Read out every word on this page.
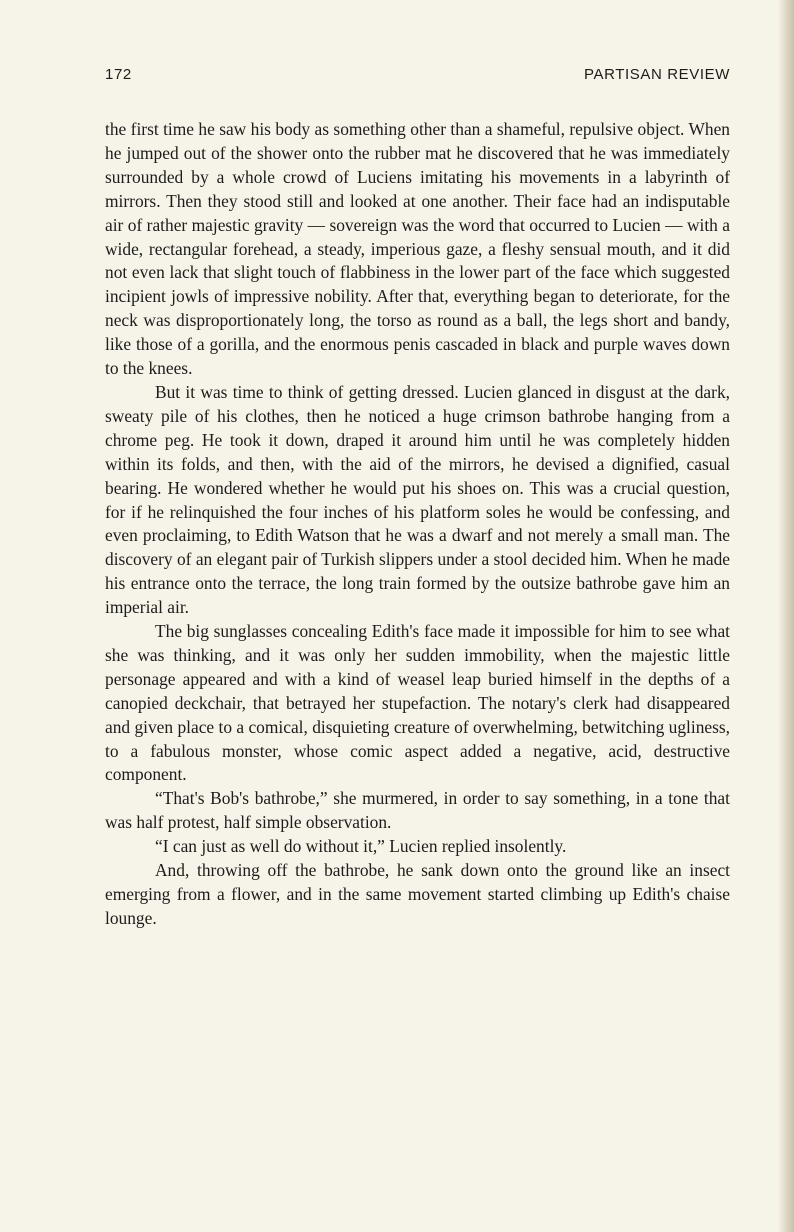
172	PARTISAN REVIEW

the first time he saw his body as something other than a shameful, repulsive object. When he jumped out of the shower onto the rubber mat he discovered that he was immediately surrounded by a whole crowd of Luciens imitating his movements in a labyrinth of mirrors. Then they stood still and looked at one another. Their face had an indisputable air of rather majestic gravity — sovereign was the word that occurred to Lucien — with a wide, rectangular forehead, a steady, imperious gaze, a fleshy sensual mouth, and it did not even lack that slight touch of flabbiness in the lower part of the face which suggested incipient jowls of impressive nobility. After that, everything began to deteriorate, for the neck was disproportionately long, the torso as round as a ball, the legs short and bandy, like those of a gorilla, and the enormous penis cascaded in black and purple waves down to the knees.

But it was time to think of getting dressed. Lucien glanced in disgust at the dark, sweaty pile of his clothes, then he noticed a huge crimson bathrobe hanging from a chrome peg. He took it down, draped it around him until he was completely hidden within its folds, and then, with the aid of the mirrors, he devised a dignified, casual bearing. He wondered whether he would put his shoes on. This was a crucial question, for if he relinquished the four inches of his platform soles he would be confessing, and even proclaiming, to Edith Watson that he was a dwarf and not merely a small man. The discovery of an elegant pair of Turkish slippers under a stool decided him. When he made his entrance onto the terrace, the long train formed by the outsize bathrobe gave him an imperial air.

The big sunglasses concealing Edith's face made it impossible for him to see what she was thinking, and it was only her sudden immobility, when the majestic little personage appeared and with a kind of weasel leap buried himself in the depths of a canopied deckchair, that betrayed her stupefaction. The notary's clerk had disappeared and given place to a comical, disquieting creature of overwhelming, betwitching ugliness, to a fabulous monster, whose comic aspect added a negative, acid, destructive component.

“That's Bob's bathrobe,” she murmered, in order to say something, in a tone that was half protest, half simple observation.

“I can just as well do without it,” Lucien replied insolently.

And, throwing off the bathrobe, he sank down onto the ground like an insect emerging from a flower, and in the same movement started climbing up Edith's chaise lounge.
